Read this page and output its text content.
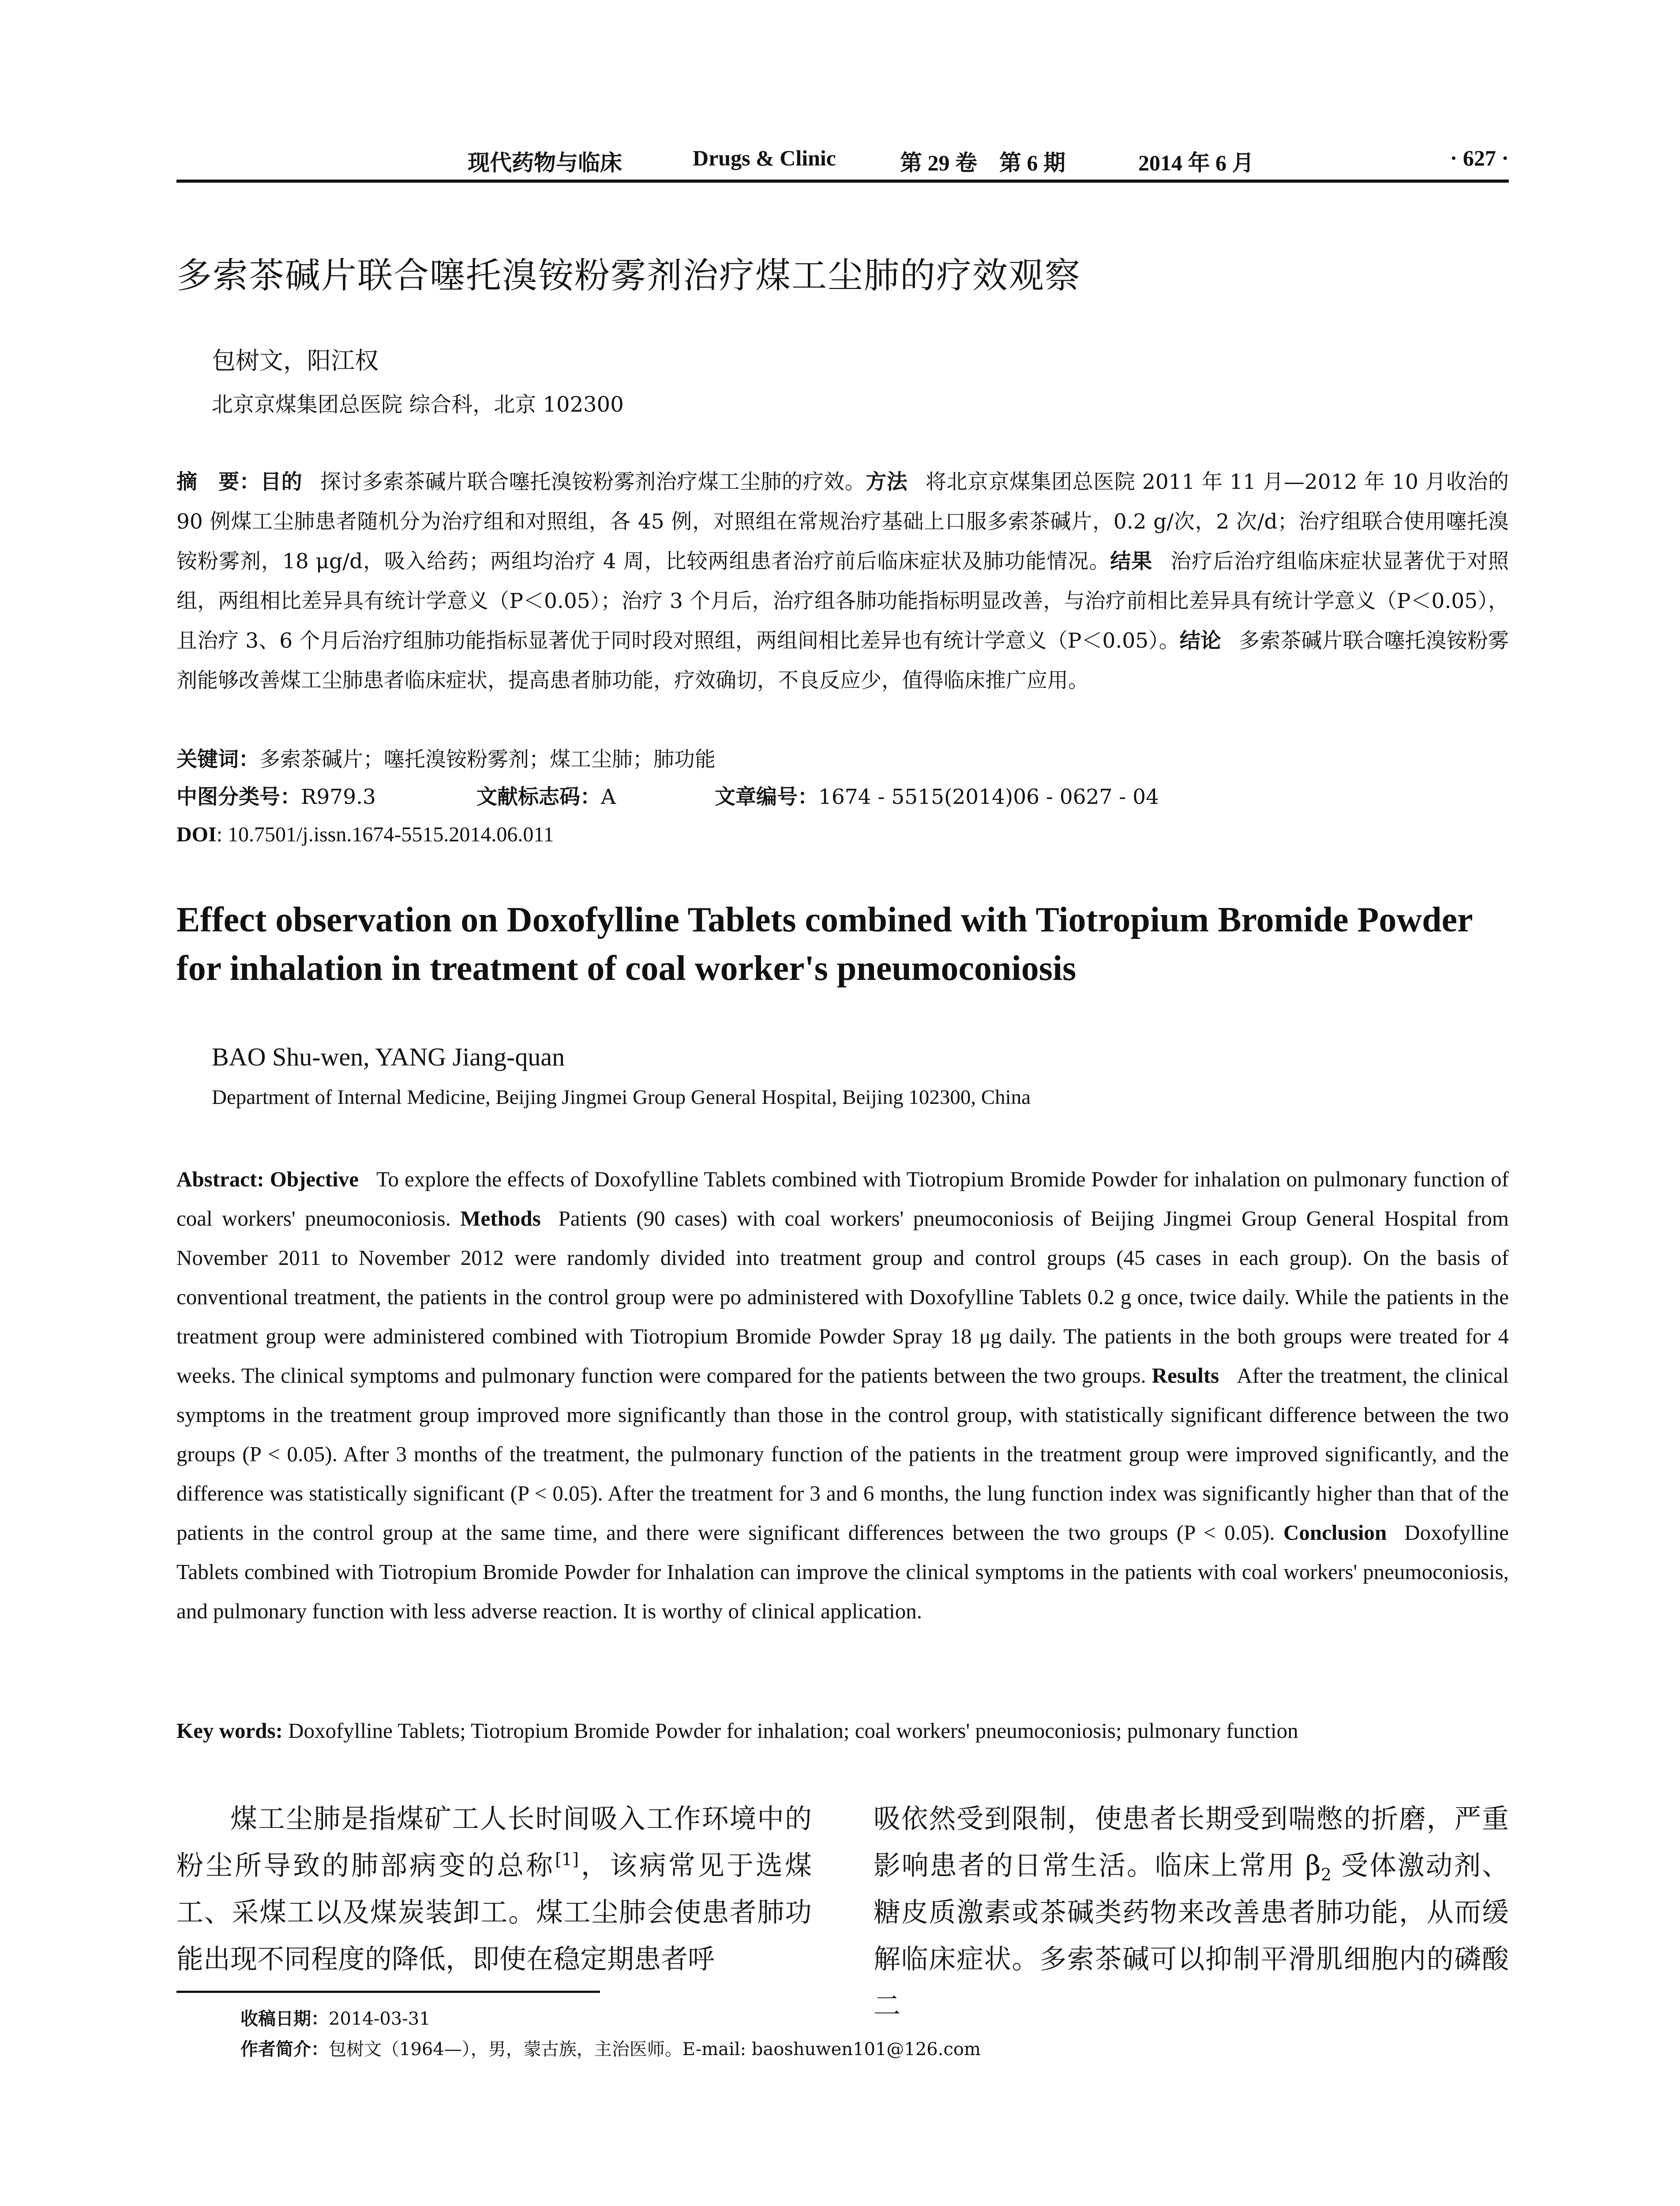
现代药物与临床	Drugs & Clinic	第 29 卷　第 6 期	2014 年 6 月	· 627 ·
多索茶碱片联合噻托溴铵粉雾剂治疗煤工尘肺的疗效观察
包树文，阳江权
北京京煤集团总医院 综合科，北京 102300
摘　要：目的 探讨多索茶碱片联合噻托溴铵粉雾剂治疗煤工尘肺的疗效。方法 将北京京煤集团总医院 2011 年 11 月—2012 年 10 月收治的 90 例煤工尘肺患者随机分为治疗组和对照组，各 45 例，对照组在常规治疗基础上口服多索茶碱片，0.2 g/次，2 次/d；治疗组联合使用噻托溴铵粉雾剂，18 μg/d，吸入给药；两组均治疗 4 周，比较两组患者治疗前后临床症状及肺功能情况。结果 治疗后治疗组临床症状显著优于对照组，两组相比差异具有统计学意义（P＜0.05）；治疗 3 个月后，治疗组各肺功能指标明显改善，与治疗前相比差异具有统计学意义（P＜0.05），且治疗 3、6 个月后治疗组肺功能指标显著优于同时段对照组，两组间相比差异也有统计学意义（P＜0.05）。结论 多索茶碱片联合噻托溴铵粉雾剂能够改善煤工尘肺患者临床症状，提高患者肺功能，疗效确切，不良反应少，值得临床推广应用。
关键词：多索茶碱片；噻托溴铵粉雾剂；煤工尘肺；肺功能
中图分类号：R979.3	文献标志码：A	文章编号：1674 - 5515(2014)06 - 0627 - 04
DOI: 10.7501/j.issn.1674-5515.2014.06.011
Effect observation on Doxofylline Tablets combined with Tiotropium Bromide Powder for inhalation in treatment of coal worker's pneumoconiosis
BAO Shu-wen, YANG Jiang-quan
Department of Internal Medicine, Beijing Jingmei Group General Hospital, Beijing 102300, China
Abstract: Objective To explore the effects of Doxofylline Tablets combined with Tiotropium Bromide Powder for inhalation on pulmonary function of coal workers' pneumoconiosis. Methods Patients (90 cases) with coal workers' pneumoconiosis of Beijing Jingmei Group General Hospital from November 2011 to November 2012 were randomly divided into treatment group and control groups (45 cases in each group). On the basis of conventional treatment, the patients in the control group were po administered with Doxofylline Tablets 0.2 g once, twice daily. While the patients in the treatment group were administered combined with Tiotropium Bromide Powder Spray 18 μg daily. The patients in the both groups were treated for 4 weeks. The clinical symptoms and pulmonary function were compared for the patients between the two groups. Results After the treatment, the clinical symptoms in the treatment group improved more significantly than those in the control group, with statistically significant difference between the two groups (P < 0.05). After 3 months of the treatment, the pulmonary function of the patients in the treatment group were improved significantly, and the difference was statistically significant (P < 0.05). After the treatment for 3 and 6 months, the lung function index was significantly higher than that of the patients in the control group at the same time, and there were significant differences between the two groups (P < 0.05). Conclusion Doxofylline Tablets combined with Tiotropium Bromide Powder for Inhalation can improve the clinical symptoms in the patients with coal workers' pneumoconiosis, and pulmonary function with less adverse reaction. It is worthy of clinical application.
Key words: Doxofylline Tablets; Tiotropium Bromide Powder for inhalation; coal workers' pneumoconiosis; pulmonary function
煤工尘肺是指煤矿工人长时间吸入工作环境中的粉尘所导致的肺部病变的总称[1]，该病常见于选煤工、采煤工以及煤炭装卸工。煤工尘肺会使患者肺功能出现不同程度的降低，即使在稳定期患者呼
吸依然受到限制，使患者长期受到喘憋的折磨，严重影响患者的日常生活。临床上常用 $\beta_2$ 受体激动剂、糖皮质激素或茶碱类药物来改善患者肺功能，从而缓解临床症状。多索茶碱可以抑制平滑肌细胞内的磷酸二
收稿日期：2014-03-31
作者简介：包树文（1964—），男，蒙古族，主治医师。E-mail: baoshuwen101@126.com
